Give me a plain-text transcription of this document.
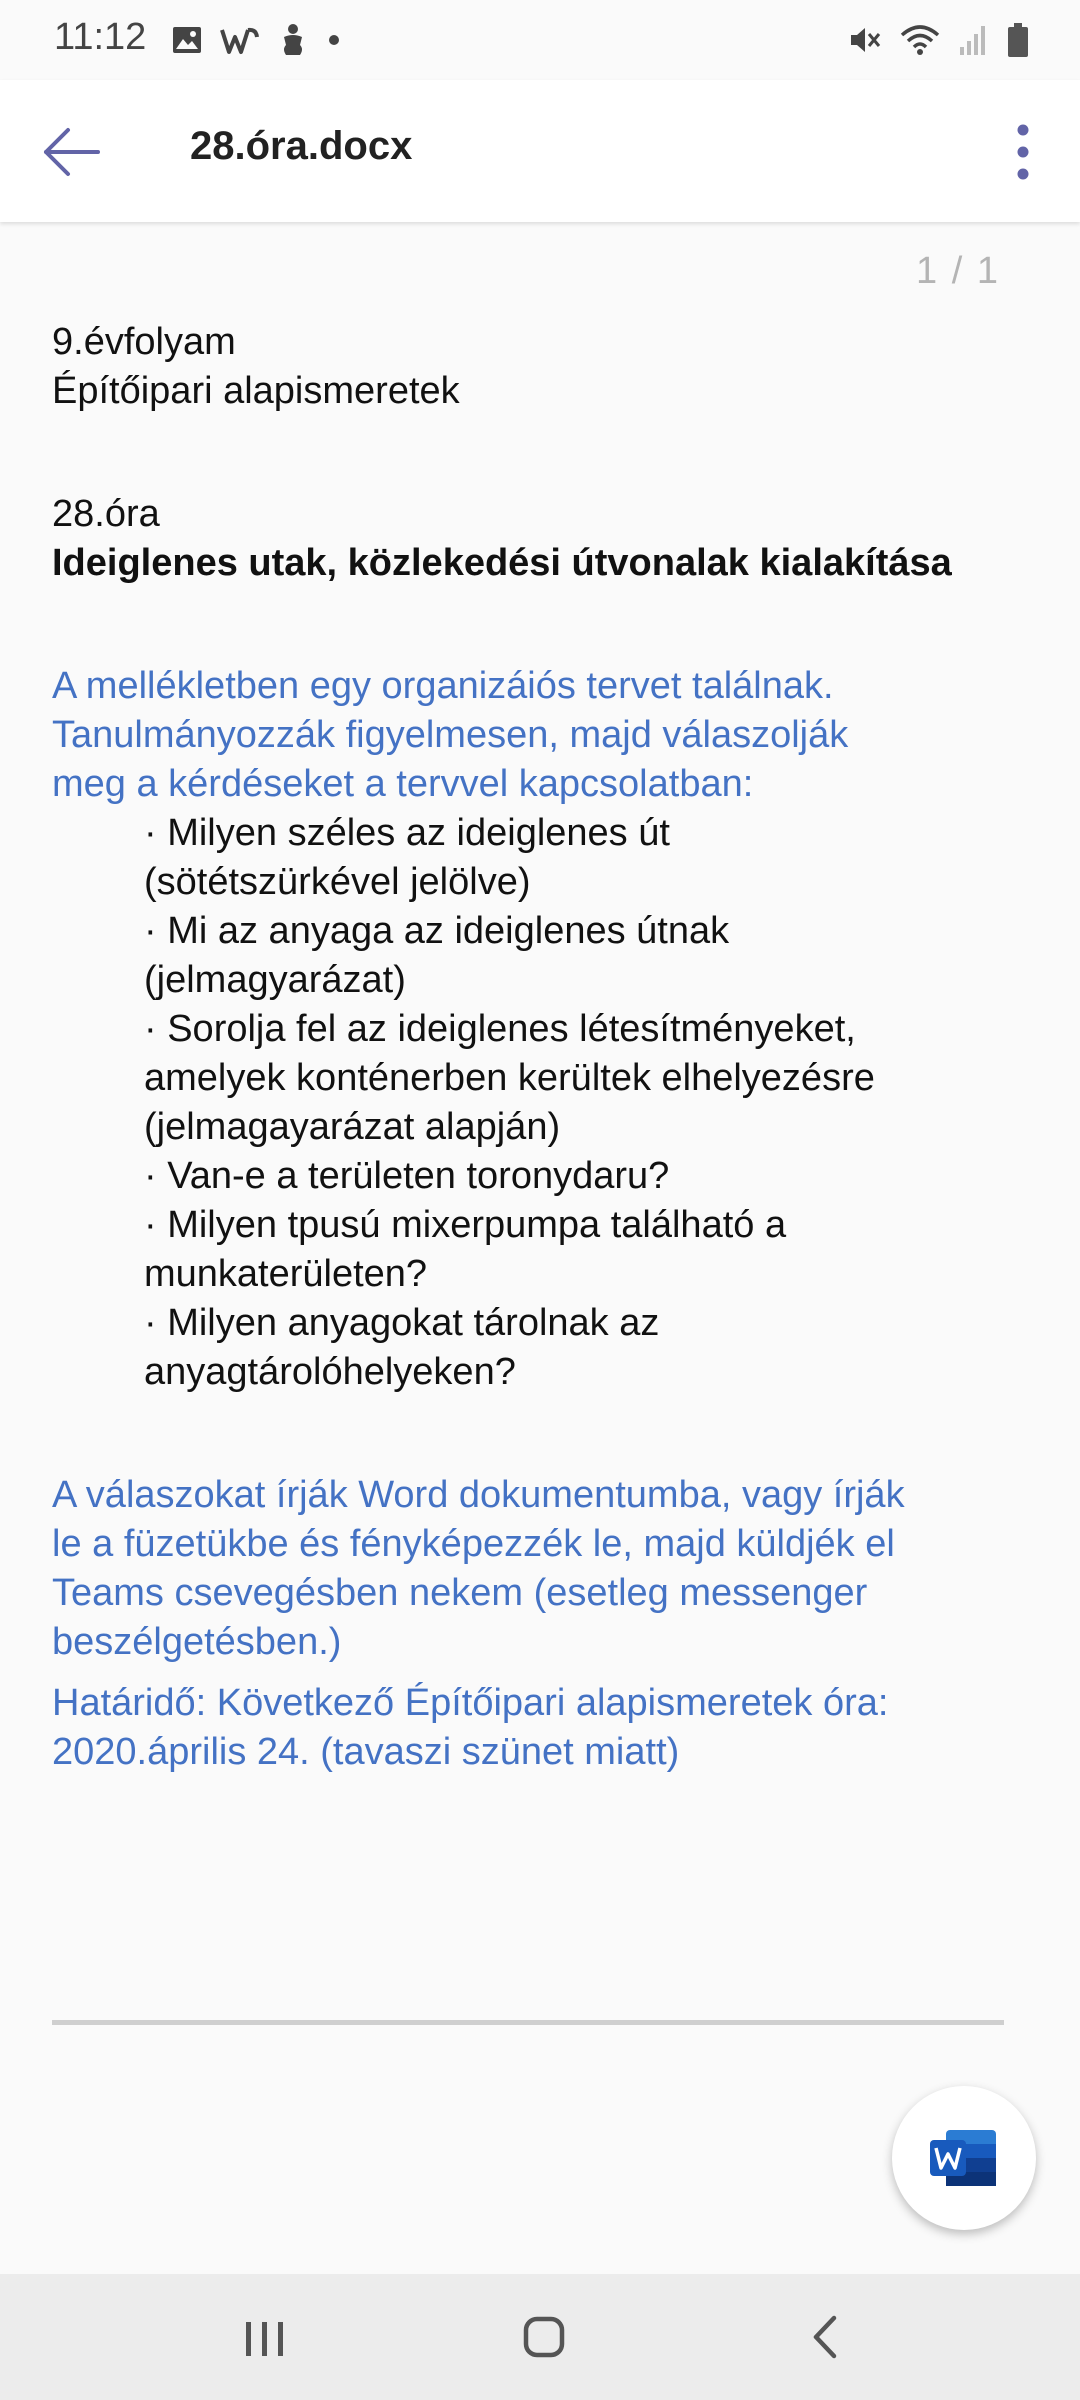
11:12
28.óra.docx
1 / 1

9.évfolyam

Építőipari alapismeretek

28.óra

Ideiglenes utak, közlekedési útvonalak kialakítása

A mellékletben egy organizáiós tervet találnak.

Tanulmányozzák figyelmesen, majd válaszolják

meg a kérdéseket a tervvel kapcsolatban:

· Milyen széles az ideiglenes út

(sötétszürkével jelölve)

· Mi az anyaga az ideiglenes útnak

(jelmagyarázat)

· Sorolja fel az ideiglenes létesítményeket,

amelyek konténerben kerültek elhelyezésre

(jelmagayarázat alapján)

· Van-e a területen toronydaru?

· Milyen tpusú mixerpumpa található a

munkaterületen?

· Milyen anyagokat tárolnak az

anyagtárolóhelyeken?

A válaszokat írják Word dokumentumba, vagy írják

le a füzetükbe és fényképezzék le, majd küldjék el

Teams csevegésben nekem (esetleg messenger

beszélgetésben.)

Határidő: Következő Építőipari alapismeretek óra:

2020.április 24. (tavaszi szünet miatt)
